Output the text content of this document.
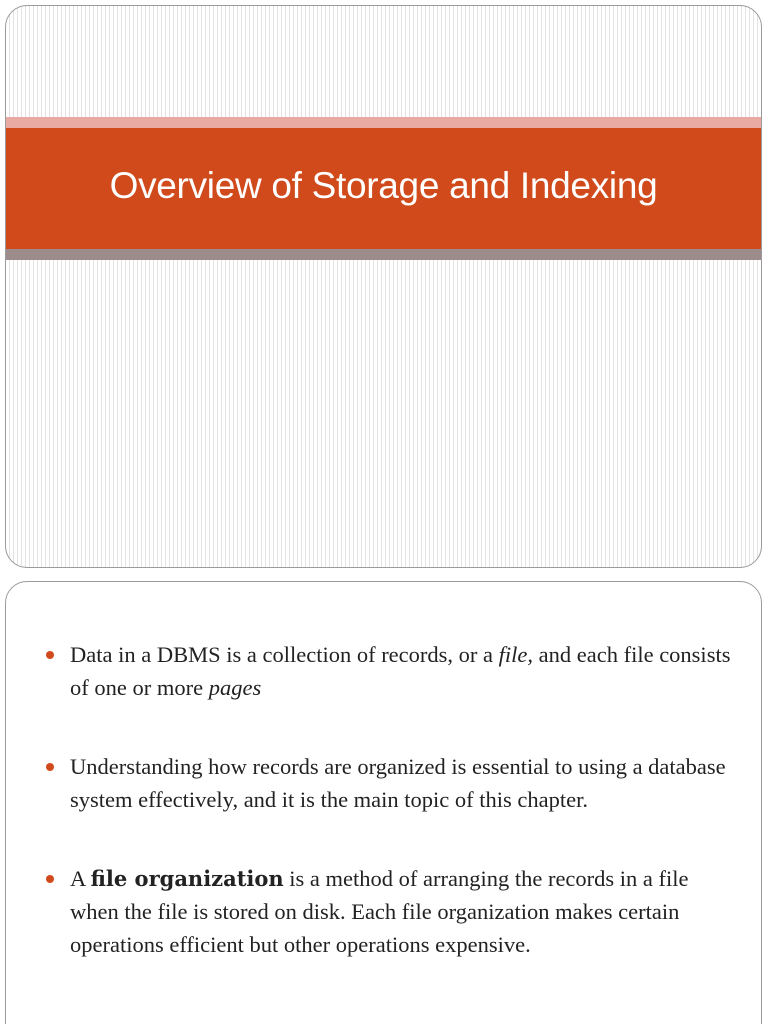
Overview of Storage and Indexing
Data in a DBMS is a collection of records, or a file, and each file consists of one or more pages
Understanding how records are organized is essential to using a database system effectively, and it is the main topic of this chapter.
A file organization is a method of arranging the records in a file when the file is stored on disk. Each file organization makes certain operations efficient but other operations expensive.
